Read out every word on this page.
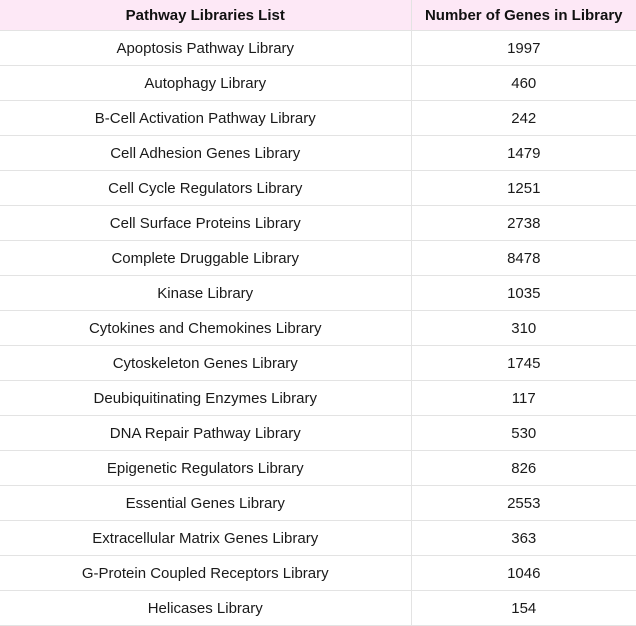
Pathway Libraries List	Number of Genes in Library
Apoptosis Pathway Library	1997
Autophagy Library	460
B-Cell Activation Pathway Library	242
Cell Adhesion Genes Library	1479
Cell Cycle Regulators Library	1251
Cell Surface Proteins Library	2738
Complete Druggable Library	8478
Kinase Library	1035
Cytokines and Chemokines Library	310
Cytoskeleton Genes Library	1745
Deubiquitinating Enzymes Library	117
DNA Repair Pathway Library	530
Epigenetic Regulators Library	826
Essential Genes Library	2553
Extracellular Matrix Genes Library	363
G-Protein Coupled Receptors Library	1046
Helicases Library	154
